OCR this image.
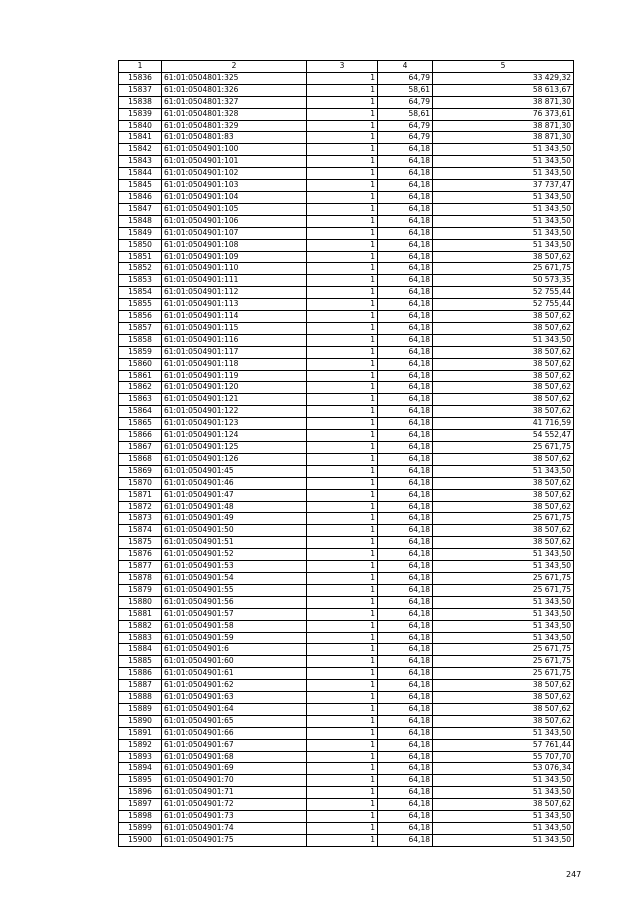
1	2	3	4	5
15836	61:01:0504801:325	1	64,79	33 429,32
15837	61:01:0504801:326	1	58,61	58 613,67
15838	61:01:0504801:327	1	64,79	38 871,30
15839	61:01:0504801:328	1	58,61	76 373,61
15840	61:01:0504801:329	1	64,79	38 871,30
15841	61:01:0504801:83	1	64,79	38 871,30
15842	61:01:0504901:100	1	64,18	51 343,50
15843	61:01:0504901:101	1	64,18	51 343,50
15844	61:01:0504901:102	1	64,18	51 343,50
15845	61:01:0504901:103	1	64,18	37 737,47
15846	61:01:0504901:104	1	64,18	51 343,50
15847	61:01:0504901:105	1	64,18	51 343,50
15848	61:01:0504901:106	1	64,18	51 343,50
15849	61:01:0504901:107	1	64,18	51 343,50
15850	61:01:0504901:108	1	64,18	51 343,50
15851	61:01:0504901:109	1	64,18	38 507,62
15852	61:01:0504901:110	1	64,18	25 671,75
15853	61:01:0504901:111	1	64,18	50 573,35
15854	61:01:0504901:112	1	64,18	52 755,44
15855	61:01:0504901:113	1	64,18	52 755,44
15856	61:01:0504901:114	1	64,18	38 507,62
15857	61:01:0504901:115	1	64,18	38 507,62
15858	61:01:0504901:116	1	64,18	51 343,50
15859	61:01:0504901:117	1	64,18	38 507,62
15860	61:01:0504901:118	1	64,18	38 507,62
15861	61:01:0504901:119	1	64,18	38 507,62
15862	61:01:0504901:120	1	64,18	38 507,62
15863	61:01:0504901:121	1	64,18	38 507,62
15864	61:01:0504901:122	1	64,18	38 507,62
15865	61:01:0504901:123	1	64,18	41 716,59
15866	61:01:0504901:124	1	64,18	54 552,47
15867	61:01:0504901:125	1	64,18	25 671,75
15868	61:01:0504901:126	1	64,18	38 507,62
15869	61:01:0504901:45	1	64,18	51 343,50
15870	61:01:0504901:46	1	64,18	38 507,62
15871	61:01:0504901:47	1	64,18	38 507,62
15872	61:01:0504901:48	1	64,18	38 507,62
15873	61:01:0504901:49	1	64,18	25 671,75
15874	61:01:0504901:50	1	64,18	38 507,62
15875	61:01:0504901:51	1	64,18	38 507,62
15876	61:01:0504901:52	1	64,18	51 343,50
15877	61:01:0504901:53	1	64,18	51 343,50
15878	61:01:0504901:54	1	64,18	25 671,75
15879	61:01:0504901:55	1	64,18	25 671,75
15880	61:01:0504901:56	1	64,18	51 343,50
15881	61:01:0504901:57	1	64,18	51 343,50
15882	61:01:0504901:58	1	64,18	51 343,50
15883	61:01:0504901:59	1	64,18	51 343,50
15884	61:01:0504901:6	1	64,18	25 671,75
15885	61:01:0504901:60	1	64,18	25 671,75
15886	61:01:0504901:61	1	64,18	25 671,75
15887	61:01:0504901:62	1	64,18	38 507,62
15888	61:01:0504901:63	1	64,18	38 507,62
15889	61:01:0504901:64	1	64,18	38 507,62
15890	61:01:0504901:65	1	64,18	38 507,62
15891	61:01:0504901:66	1	64,18	51 343,50
15892	61:01:0504901:67	1	64,18	57 761,44
15893	61:01:0504901:68	1	64,18	55 707,70
15894	61:01:0504901:69	1	64,18	53 076,34
15895	61:01:0504901:70	1	64,18	51 343,50
15896	61:01:0504901:71	1	64,18	51 343,50
15897	61:01:0504901:72	1	64,18	38 507,62
15898	61:01:0504901:73	1	64,18	51 343,50
15899	61:01:0504901:74	1	64,18	51 343,50
15900	61:01:0504901:75	1	64,18	51 343,50
247
